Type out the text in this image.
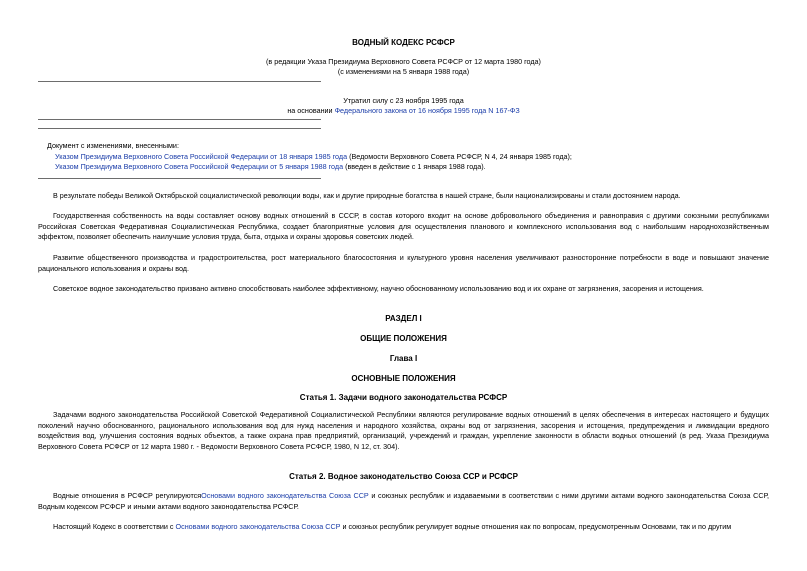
ВОДНЫЙ КОДЕКС РСФСР
(в редакции Указа Президиума Верховного Совета РСФСР от 12 марта 1980 года)
(с изменениями на 5 января 1988 года)
Утратил силу с 23 ноября 1995 года
на основании Федерального закона от 16 ноября 1995 года N 167-ФЗ
Документ с изменениями, внесенными:
Указом Президиума Верховного Совета Российской Федерации от 18 января 1985 года (Ведомости Верховного Совета РСФСР, N 4, 24 января 1985 года);
Указом Президиума Верховного Совета Российской Федерации от 5 января 1988 года (введен в действие с 1 января 1988 года).
В результате победы Великой Октябрьской социалистической революции воды, как и другие природные богатства в нашей стране, были национализированы и стали достоянием народа.
Государственная собственность на воды составляет основу водных отношений в СССР, в состав которого входит на основе добровольного объединения и равноправия с другими союзными республиками Российская Советская Федеративная Социалистическая Республика, создает благоприятные условия для осуществления планового и комплексного использования вод с наибольшим народнохозяйственным эффектом, позволяет обеспечить наилучшие условия труда, быта, отдыха и охраны здоровья советских людей.
Развитие общественного производства и градостроительства, рост материального благосостояния и культурного уровня населения увеличивают разносторонние потребности в воде и повышают значение рационального использования и охраны вод.
Советское водное законодательство призвано активно способствовать наиболее эффективному, научно обоснованному использованию вод и их охране от загрязнения, засорения и истощения.
РАЗДЕЛ I
ОБЩИЕ ПОЛОЖЕНИЯ
Глава I
ОСНОВНЫЕ ПОЛОЖЕНИЯ
Статья 1. Задачи водного законодательства РСФСР
Задачами водного законодательства Российской Советской Федеративной Социалистической Республики являются регулирование водных отношений в целях обеспечения в интересах настоящего и будущих поколений научно обоснованного, рационального использования вод для нужд населения и народного хозяйства, охраны вод от загрязнения, засорения и истощения, предупреждения и ликвидации вредного воздействия вод, улучшения состояния водных объектов, а также охрана прав предприятий, организаций, учреждений и граждан, укрепление законности в области водных отношений (в ред. Указа Президиума Верховного Совета РСФСР от 12 марта 1980 г. - Ведомости Верховного Совета РСФСР, 1980, N 12, ст. 304).
Статья 2. Водное законодательство Союза ССР и РСФСР
Водные отношения в РСФСР регулируютсяОсновами водного законодательства Союза ССР и союзных республик и издаваемыми в соответствии с ними другими актами водного законодательства Союза ССР, Водным кодексом РСФСР и иными актами водного законодательства РСФСР.
Настоящий Кодекс в соответствии с Основами водного законодательства Союза ССР и союзных республик регулирует водные отношения как по вопросам, предусмотренным Основами, так и по другим
